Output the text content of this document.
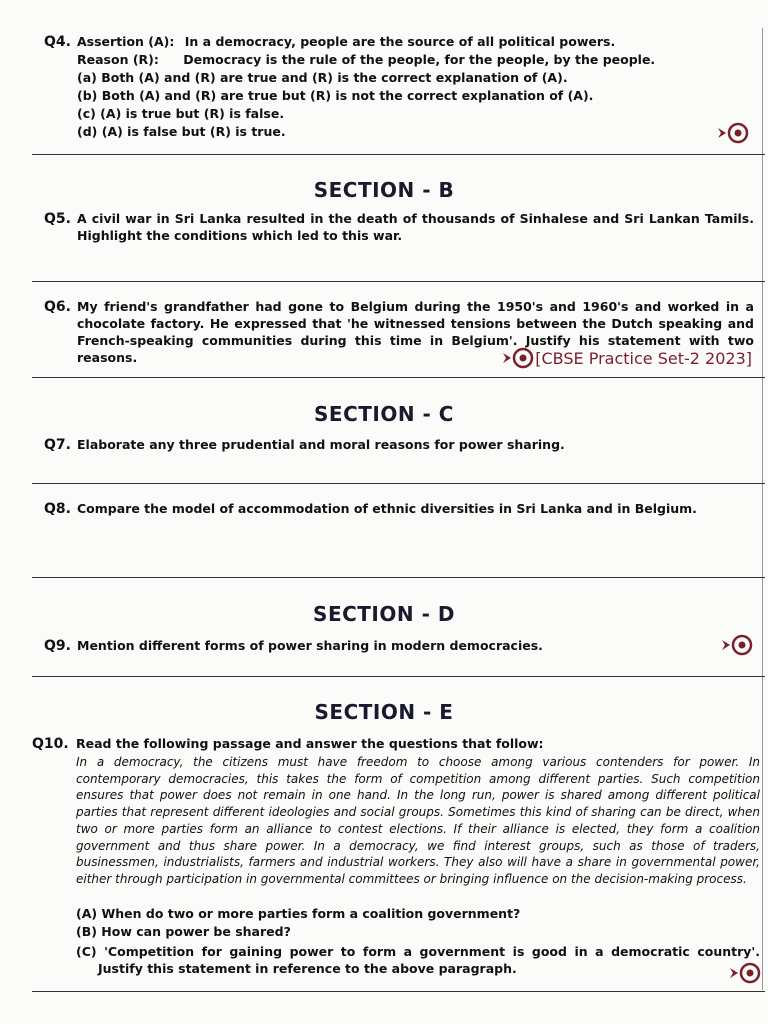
Q4. Assertion (A): In a democracy, people are the source of all political powers.
Reason (R): Democracy is the rule of the people, for the people, by the people.
(a) Both (A) and (R) are true and (R) is the correct explanation of (A).
(b) Both (A) and (R) are true but (R) is not the correct explanation of (A).
(c) (A) is true but (R) is false.
(d) (A) is false but (R) is true.
SECTION - B
Q5. A civil war in Sri Lanka resulted in the death of thousands of Sinhalese and Sri Lankan Tamils. Highlight the conditions which led to this war.
Q6. My friend's grandfather had gone to Belgium during the 1950's and 1960's and worked in a chocolate factory. He expressed that 'he witnessed tensions between the Dutch speaking and French-speaking communities during this time in Belgium'. Justify his statement with two reasons.	[CBSE Practice Set-2 2023]
SECTION - C
Q7. Elaborate any three prudential and moral reasons for power sharing.
Q8. Compare the model of accommodation of ethnic diversities in Sri Lanka and in Belgium.
SECTION - D
Q9. Mention different forms of power sharing in modern democracies.
SECTION - E
Q10. Read the following passage and answer the questions that follow:
In a democracy, the citizens must have freedom to choose among various contenders for power. In contemporary democracies, this takes the form of competition among different parties. Such competition ensures that power does not remain in one hand. In the long run, power is shared among different political parties that represent different ideologies and social groups. Sometimes this kind of sharing can be direct, when two or more parties form an alliance to contest elections. If their alliance is elected, they form a coalition government and thus share power. In a democracy, we find interest groups, such as those of traders, businessmen, industrialists, farmers and industrial workers. They also will have a share in governmental power, either through participation in governmental committees or bringing influence on the decision-making process.
(A) When do two or more parties form a coalition government?
(B) How can power be shared?
(C) 'Competition for gaining power to form a government is good in a democratic country'. Justify this statement in reference to the above paragraph.
